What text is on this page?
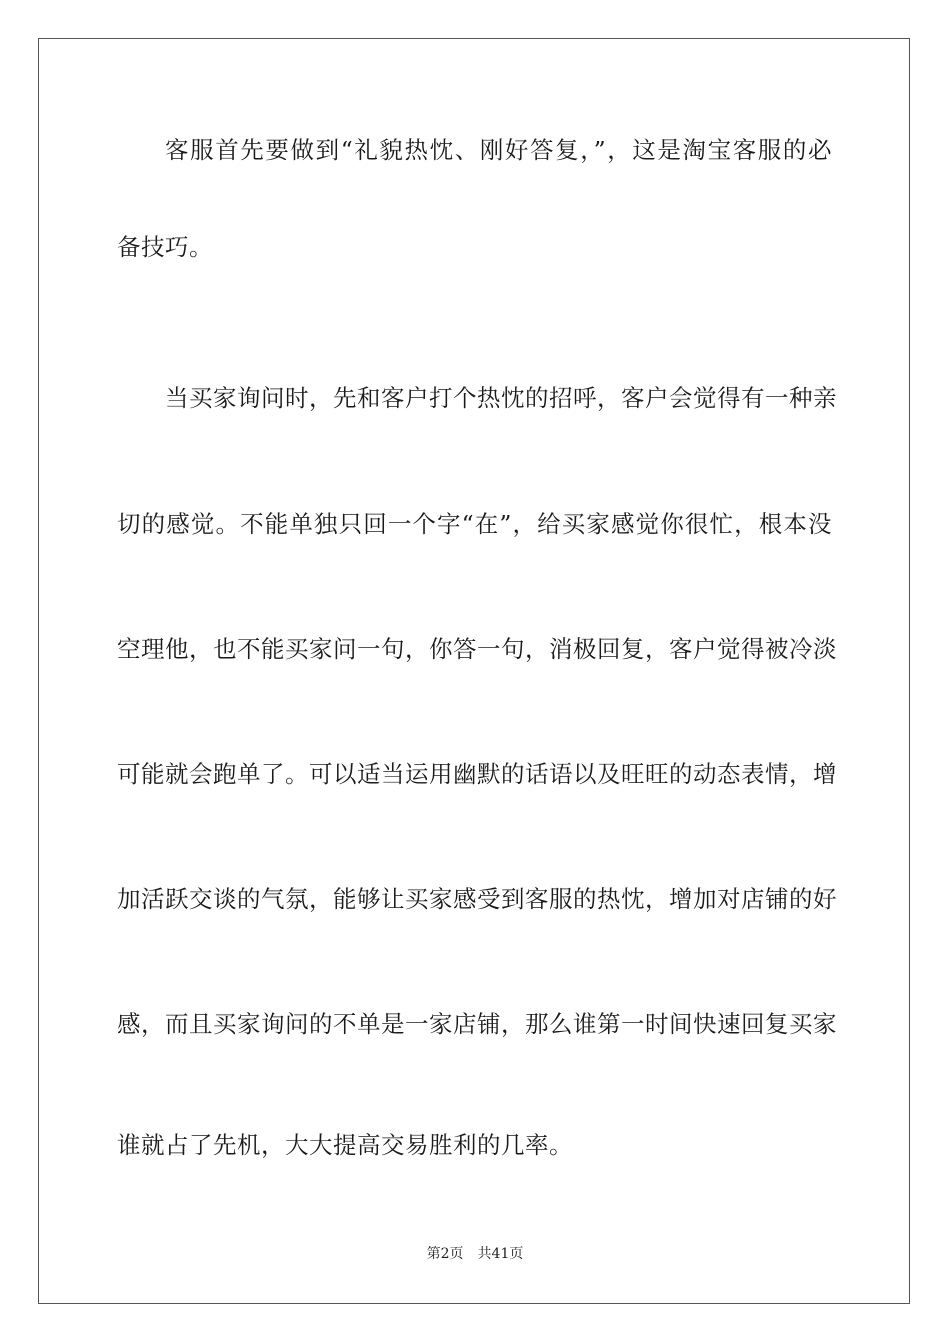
客服首先要做到“礼貌热忱、刚好答复，”，这是淘宝客服的必
备技巧。
当买家询问时，先和客户打个热忱的招呼，客户会觉得有一种亲
切的感觉。不能单独只回一个字“在”，给买家感觉你很忙，根本没
空理他，也不能买家问一句，你答一句，消极回复，客户觉得被冷淡
可能就会跑单了。可以适当运用幽默的话语以及旺旺的动态表情，增
加活跃交谈的气氛，能够让买家感受到客服的热忱，增加对店铺的好
感，而且买家询问的不单是一家店铺，那么谁第一时间快速回复买家
谁就占了先机，大大提高交易胜利的几率。
第2页 共41页
